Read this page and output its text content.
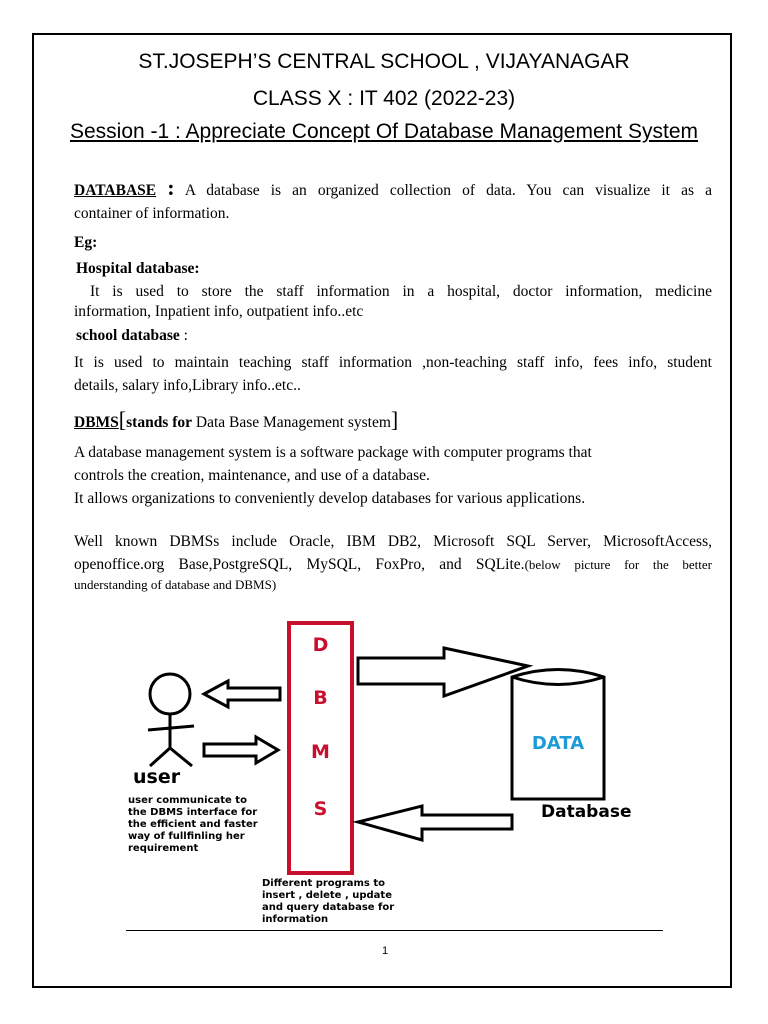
ST.JOSEPH’S CENTRAL SCHOOL , VIJAYANAGAR
CLASS X : IT 402 (2022-23)
Session -1 : Appreciate Concept Of Database Management System
DATABASE : A database is an organized collection of data. You can visualize it as a
container of information.
Eg:
Hospital database:
It is used to store the staff information in a hospital, doctor information, medicine
information, Inpatient info, outpatient info..etc
school database :
It is used to maintain teaching staff information ,non-teaching staff info, fees info, student
details, salary info,Library info..etc..
DBMS[stands for Data Base Management system]
A database management system is a software package with computer programs that
controls the creation, maintenance, and use of a database.
It allows organizations to conveniently develop databases for various applications.
Well known DBMSs include Oracle, IBM DB2, Microsoft SQL Server, MicrosoftAccess,
openoffice.org Base,PostgreSQL, MySQL, FoxPro, and SQLite.(below picture for the better
understanding of database and DBMS)
D
B
M
S
user
user communicate to
the DBMS interface for
the efficient and faster
way of fullfinling her
requirement
Different programs to
insert , delete , update
and query database for
information
DATA
Database
1
